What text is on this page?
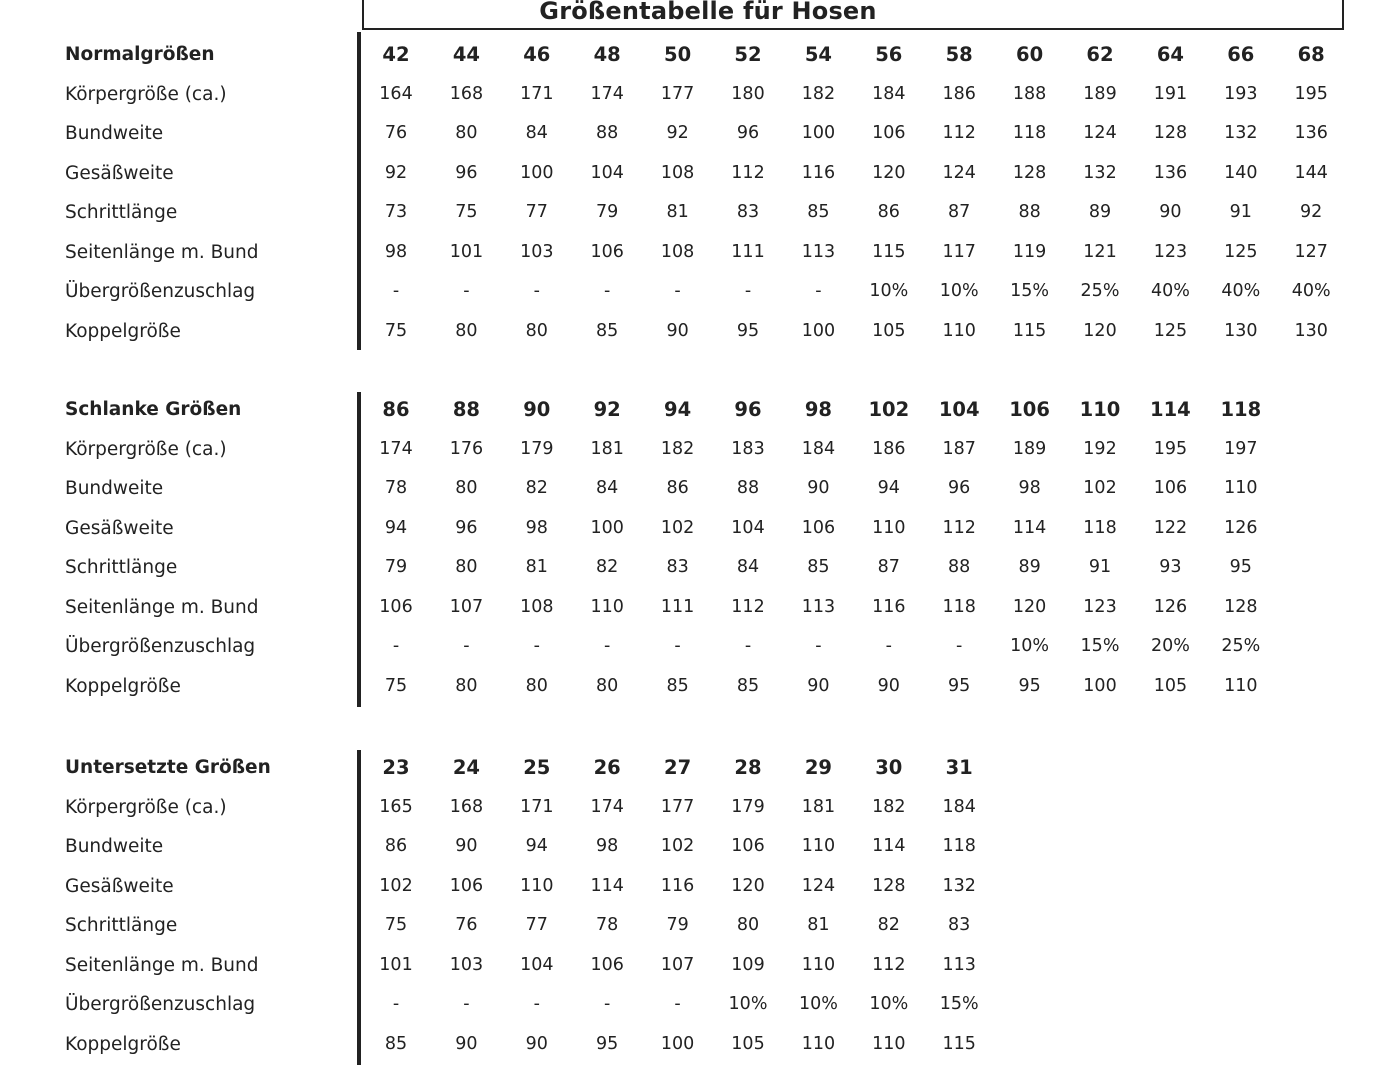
Größentabelle für Hosen
Normalgrößen	42	44	46	48	50	52	54	56	58	60	62	64	66	68
Körpergröße (ca.)	164	168	171	174	177	180	182	184	186	188	189	191	193	195
Bundweite	76	80	84	88	92	96	100	106	112	118	124	128	132	136
Gesäßweite	92	96	100	104	108	112	116	120	124	128	132	136	140	144
Schrittlänge	73	75	77	79	81	83	85	86	87	88	89	90	91	92
Seitenlänge m. Bund	98	101	103	106	108	111	113	115	117	119	121	123	125	127
Übergrößenzuschlag	-	-	-	-	-	-	-	10%	10%	15%	25%	40%	40%	40%
Koppelgröße	75	80	80	85	90	95	100	105	110	115	120	125	130	130
Schlanke Größen	86	88	90	92	94	96	98	102	104	106	110	114	118
Körpergröße (ca.)	174	176	179	181	182	183	184	186	187	189	192	195	197
Bundweite	78	80	82	84	86	88	90	94	96	98	102	106	110
Gesäßweite	94	96	98	100	102	104	106	110	112	114	118	122	126
Schrittlänge	79	80	81	82	83	84	85	87	88	89	91	93	95
Seitenlänge m. Bund	106	107	108	110	111	112	113	116	118	120	123	126	128
Übergrößenzuschlag	-	-	-	-	-	-	-	-	-	10%	15%	20%	25%
Koppelgröße	75	80	80	80	85	85	90	90	95	95	100	105	110
Untersetzte Größen	23	24	25	26	27	28	29	30	31
Körpergröße (ca.)	165	168	171	174	177	179	181	182	184
Bundweite	86	90	94	98	102	106	110	114	118
Gesäßweite	102	106	110	114	116	120	124	128	132
Schrittlänge	75	76	77	78	79	80	81	82	83
Seitenlänge m. Bund	101	103	104	106	107	109	110	112	113
Übergrößenzuschlag	-	-	-	-	-	10%	10%	10%	15%
Koppelgröße	85	90	90	95	100	105	110	110	115
